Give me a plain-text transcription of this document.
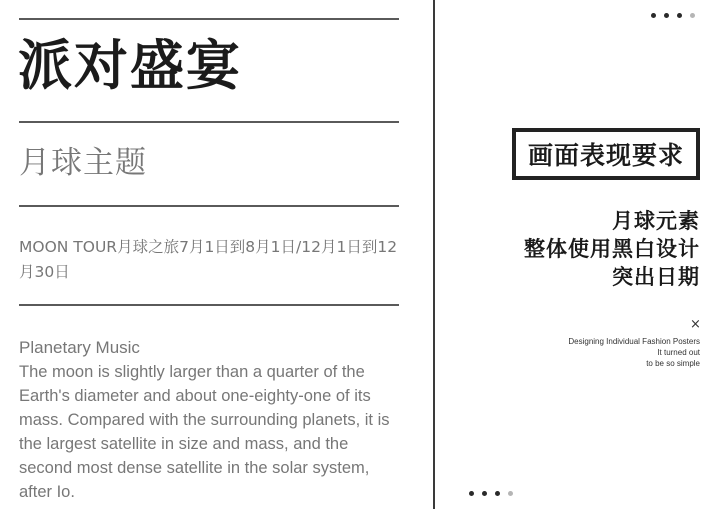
派对盛宴
月球主题
MOON TOUR月球之旅7月1日到8月1日/12月1日到12月30日
Planetary Music
The moon is slightly larger than a quarter of the Earth's diameter and about one-eighty-one of its mass. Compared with the surrounding planets, it is the largest satellite in size and mass, and the second most dense satellite in the solar system, after Io.
画面表现要求
月球元素
整体使用黑白设计
突出日期
×
Designing Individual Fashion Posters
It turned out
to be so simple
